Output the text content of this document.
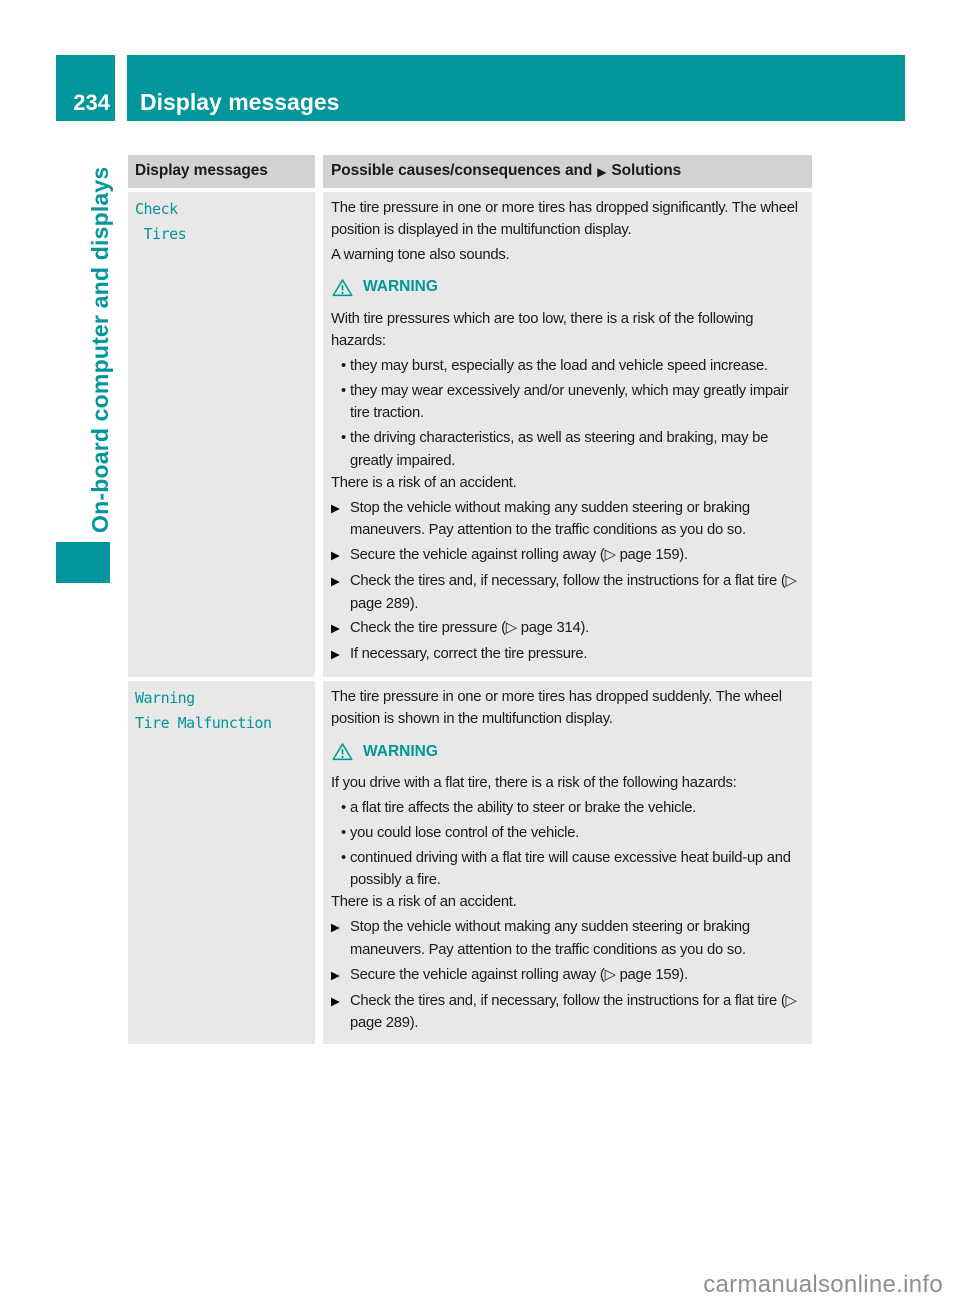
234 Display messages
On-board computer and displays Display messages	Possible causes/consequences and ▶ Solutions
Check
Tires

The tire pressure in one or more tires has dropped significantly. The wheel position is displayed in the multifunction display.

A warning tone also sounds.

WARNING

With tire pressures which are too low, there is a risk of the following hazards:

• they may burst, especially as the load and vehicle speed increase.
• they may wear excessively and/or unevenly, which may greatly impair tire traction.
• the driving characteristics, as well as steering and braking, may be greatly impaired.

There is a risk of an accident.

▶ Stop the vehicle without making any sudden steering or braking maneuvers. Pay attention to the traffic conditions as you do so.
▶ Secure the vehicle against rolling away (▷ page 159).
▶ Check the tires and, if necessary, follow the instructions for a flat tire (▷ page 289).
▶ Check the tire pressure (▷ page 314).
▶ If necessary, correct the tire pressure.
Warning
Tire Malfunction

The tire pressure in one or more tires has dropped suddenly. The wheel position is shown in the multifunction display.

WARNING

If you drive with a flat tire, there is a risk of the following hazards:

• a flat tire affects the ability to steer or brake the vehicle.
• you could lose control of the vehicle.
• continued driving with a flat tire will cause excessive heat build-up and possibly a fire.

There is a risk of an accident.

▶ Stop the vehicle without making any sudden steering or braking maneuvers. Pay attention to the traffic conditions as you do so.
▶ Secure the vehicle against rolling away (▷ page 159).
▶ Check the tires and, if necessary, follow the instructions for a flat tire (▷ page 289).
carmanualsonline.info
